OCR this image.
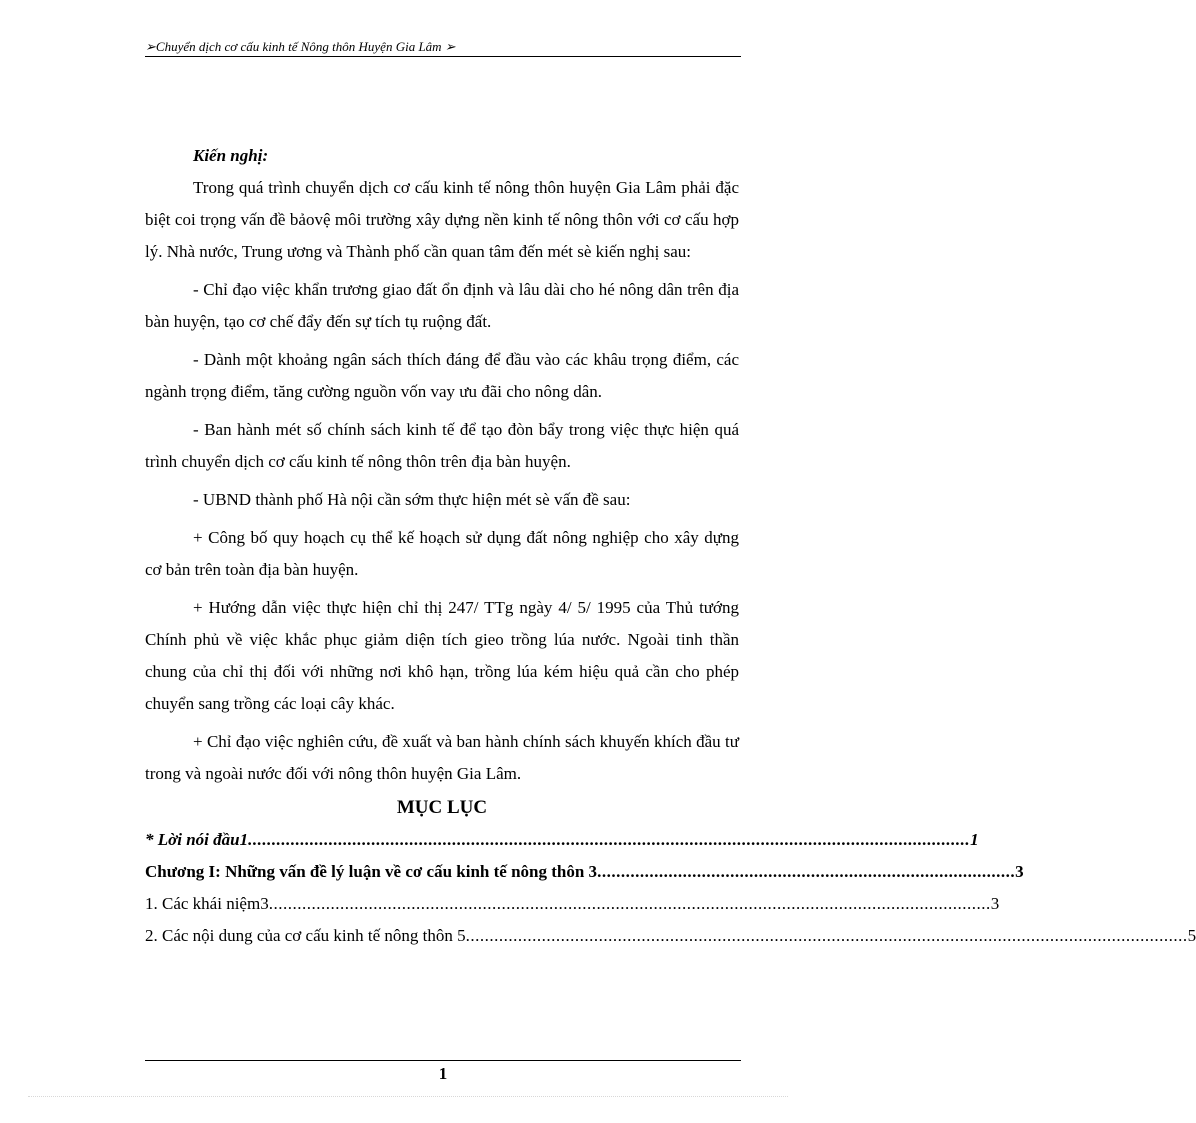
➢Chuyển dịch cơ cấu kinh tế Nông thôn Huyện Gia Lâm ➢

Kiến nghị:

Trong quá trình chuyển dịch cơ cấu kinh tế nông thôn huyện Gia Lâm phải đặc biệt coi trọng vấn đề bảovệ môi trường xây dựng nền kinh tế nông thôn với cơ cấu hợp lý. Nhà nước, Trung ương và Thành phố cần quan tâm đến mét sè kiến nghị sau:

- Chỉ đạo việc khẩn trương giao đất ổn định và lâu dài cho hé nông dân trên địa bàn huyện, tạo cơ chế đẩy đến sự tích tụ ruộng đất.

- Dành một khoảng ngân sách thích đáng để đầu vào các khâu trọng điểm, các ngành trọng điểm, tăng cường nguồn vốn vay ưu đãi cho nông dân.

- Ban hành mét số chính sách kinh tế để tạo đòn bẩy trong việc thực hiện quá trình chuyển dịch cơ cấu kinh tế nông thôn trên địa bàn huyện.

- UBND thành phố Hà nội cần sớm thực hiện mét sè vấn đề sau:

+ Công bố quy hoạch cụ thể kế hoạch sử dụng đất nông nghiệp cho xây dựng cơ bản trên toàn địa bàn huyện.

+ Hướng dẫn việc thực hiện chỉ thị 247/ TTg ngày 4/ 5/ 1995 của Thủ tướng Chính phủ về việc khắc phục giảm diện tích gieo trồng lúa nước. Ngoài tinh thần chung của chỉ thị đối với những nơi khô hạn, trồng lúa kém hiệu quả cần cho phép chuyển sang trồng các loại cây khác.

+ Chỉ đạo việc nghiên cứu, đề xuất và ban hành chính sách khuyến khích đầu tư trong và ngoài nước đối với nông thôn huyện Gia Lâm.

MỤC LỤC
* Lời nói đầu1 ........................................................................................................................................................ 1
Chương I: Những vấn đề lý luận về cơ cấu kinh tế nông thôn 3 ........................................................................................ 3
1. Các khái niệm3 ........................................................................................................................................................ 3
2. Các nội dung của cơ cấu kinh tế nông thôn 5 ........................................................................................................................................................ 5
1
